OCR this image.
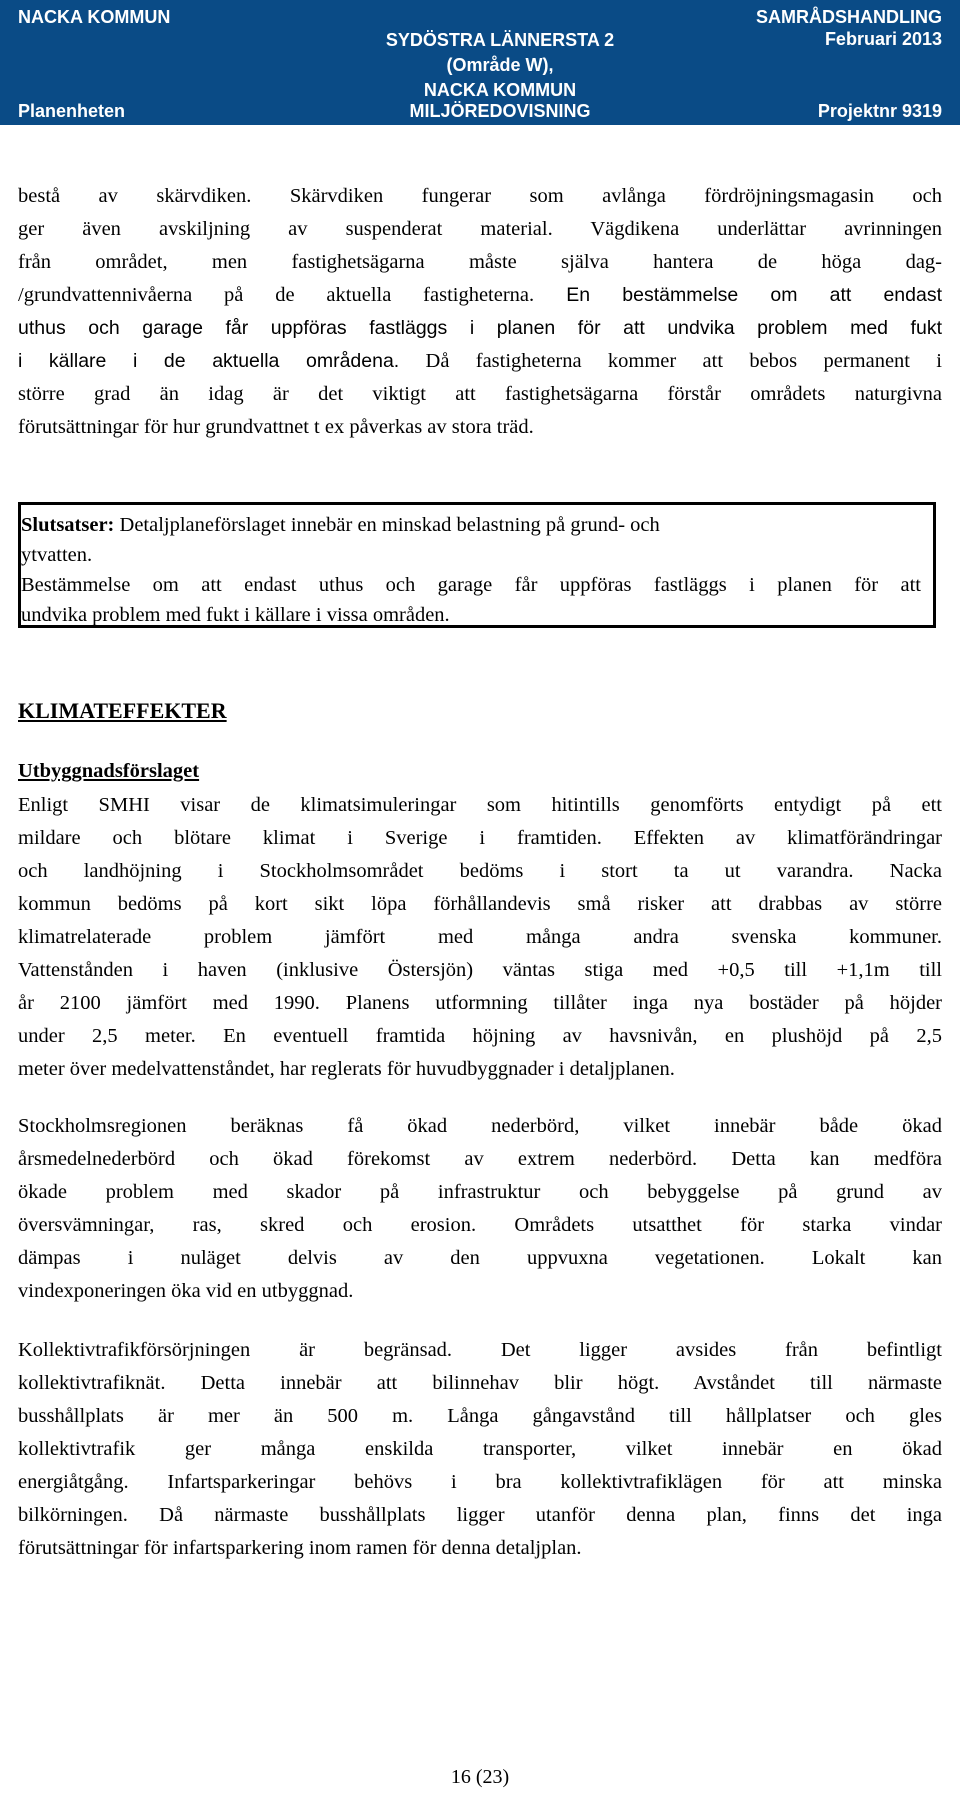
NACKA KOMMUN
Planenheten
SYDÖSTRA LÄNNERSTA 2
(Område W),
NACKA KOMMUN
MILJÖREDOVISNING
SAMRÅDSHANDLING
Februari 2013
Projektnr 9319
bestå av skärvdiken. Skärvdiken fungerar som avlånga fördröjningsmagasin och
ger även avskiljning av suspenderat material. Vägdikena underlättar avrinningen
från området, men fastighetsägarna måste själva hantera de höga dag-
/grundvattennivåerna på de aktuella fastigheterna. En bestämmelse om att endast
uthus och garage får uppföras fastläggs i planen för att undvika problem med fukt
i källare i de aktuella områdena. Då fastigheterna kommer att bebos permanent i
större grad än idag är det viktigt att fastighetsägarna förstår områdets naturgivna
förutsättningar för hur grundvattnet t ex påverkas av stora träd.
Slutsatser: Detaljplaneförslaget innebär en minskad belastning på grund- och
ytvatten.
Bestämmelse om att endast uthus och garage får uppföras fastläggs i planen för att
undvika problem med fukt i källare i vissa områden.
KLIMATEFFEKTER
Utbyggnadsförslaget
Enligt SMHI visar de klimatsimuleringar som hitintills genomförts entydigt på ett
mildare och blötare klimat i Sverige i framtiden. Effekten av klimatförändringar
och landhöjning i Stockholmsområdet bedöms i stort ta ut varandra. Nacka
kommun bedöms på kort sikt löpa förhållandevis små risker att drabbas av större
klimatrelaterade problem jämfört med många andra svenska kommuner.
Vattenstånden i haven (inklusive Östersjön) väntas stiga med +0,5 till +1,1m till
år 2100 jämfört med 1990. Planens utformning tillåter inga nya bostäder på höjder
under 2,5 meter. En eventuell framtida höjning av havsnivån, en plushöjd på 2,5
meter över medelvattenståndet, har reglerats för huvudbyggnader i detaljplanen.
Stockholmsregionen beräknas få ökad nederbörd, vilket innebär både ökad
årsmedelnederbörd och ökad förekomst av extrem nederbörd. Detta kan medföra
ökade problem med skador på infrastruktur och bebyggelse på grund av
översvämningar, ras, skred och erosion. Områdets utsatthet för starka vindar
dämpas i nuläget delvis av den uppvuxna vegetationen. Lokalt kan
vindexponeringen öka vid en utbyggnad.
Kollektivtrafikförsörjningen är begränsad. Det ligger avsides från befintligt
kollektivtrafiknät. Detta innebär att bilinnehav blir högt. Avståndet till närmaste
busshållplats är mer än 500 m. Långa gångavstånd till hållplatser och gles
kollektivtrafik ger många enskilda transporter, vilket innebär en ökad
energiåtgång. Infartsparkeringar behövs i bra kollektivtrafiklägen för att minska
bilkörningen. Då närmaste busshållplats ligger utanför denna plan, finns det inga
förutsättningar för infartsparkering inom ramen för denna detaljplan.
16 (23)
